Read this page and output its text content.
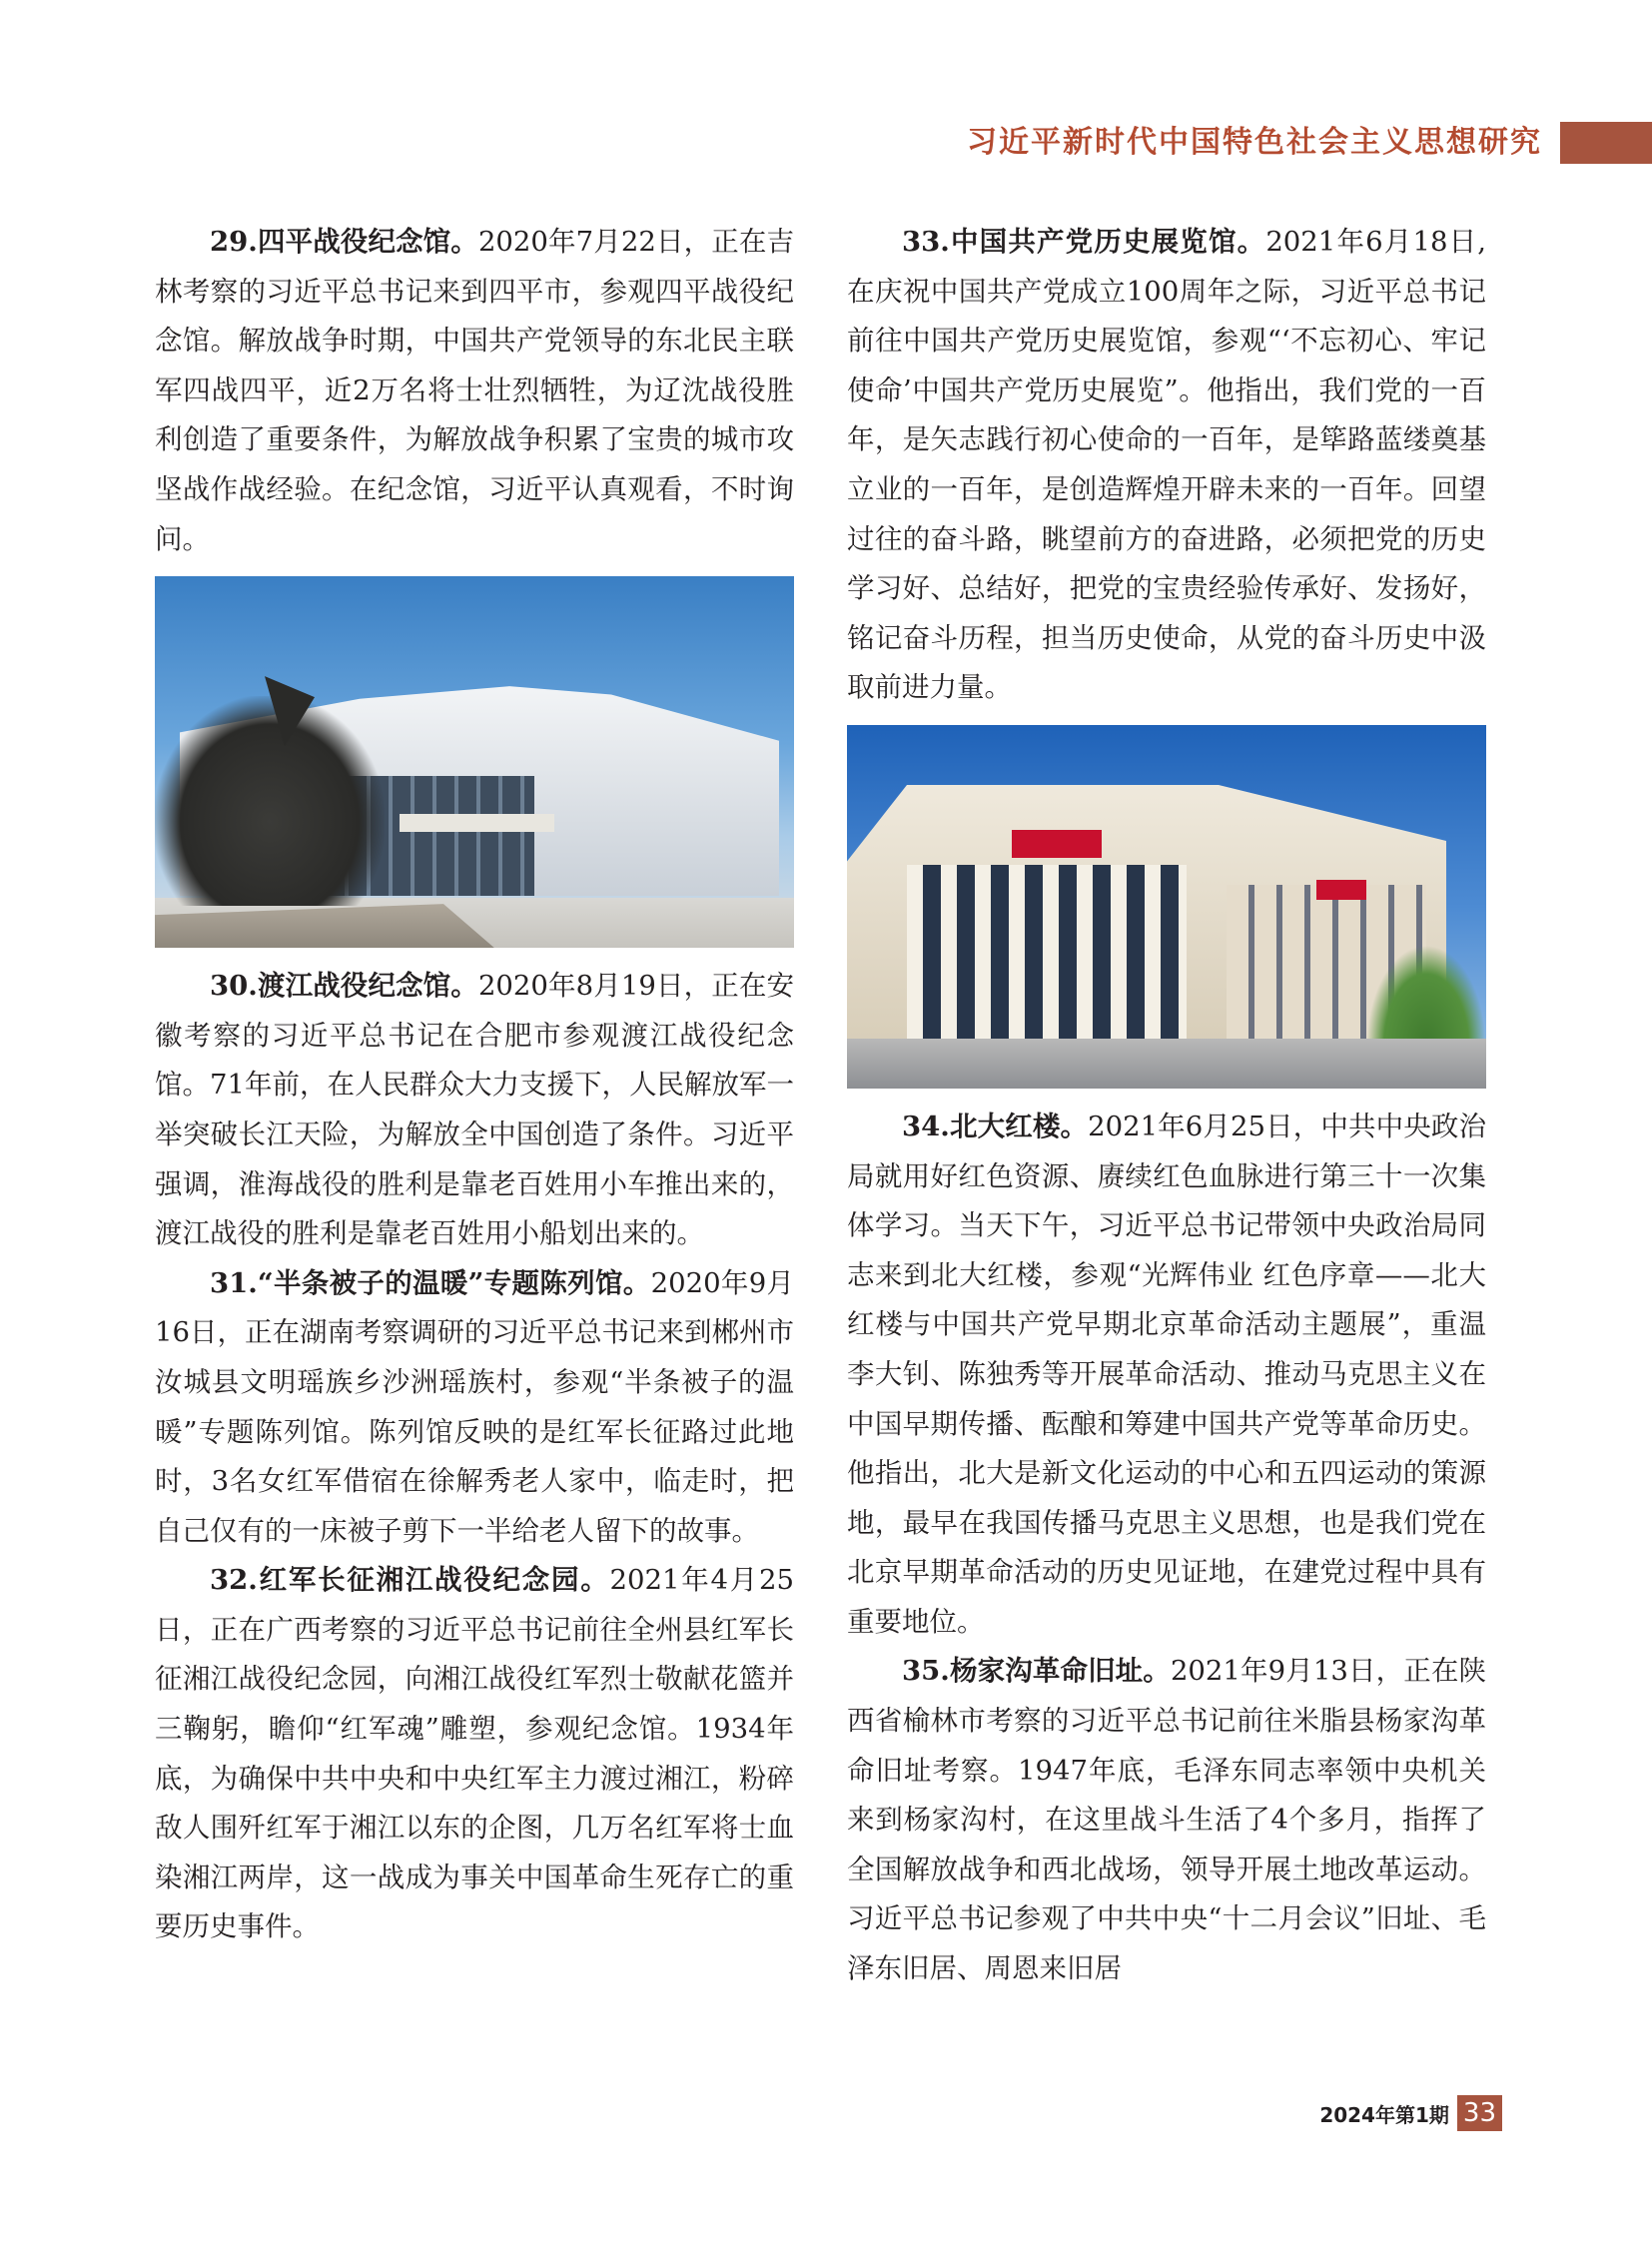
习近平新时代中国特色社会主义思想研究

29.四平战役纪念馆。2020年7月22日，正在吉林考察的习近平总书记来到四平市，参观四平战役纪念馆。解放战争时期，中国共产党领导的东北民主联军四战四平，近2万名将士壮烈牺牲，为辽沈战役胜利创造了重要条件，为解放战争积累了宝贵的城市攻坚战作战经验。在纪念馆，习近平认真观看，不时询问。

30.渡江战役纪念馆。2020年8月19日，正在安徽考察的习近平总书记在合肥市参观渡江战役纪念馆。71年前，在人民群众大力支援下，人民解放军一举突破长江天险，为解放全中国创造了条件。习近平强调，淮海战役的胜利是靠老百姓用小车推出来的，渡江战役的胜利是靠老百姓用小船划出来的。

31.“半条被子的温暖”专题陈列馆。2020年9月16日，正在湖南考察调研的习近平总书记来到郴州市汝城县文明瑶族乡沙洲瑶族村，参观“半条被子的温暖”专题陈列馆。陈列馆反映的是红军长征路过此地时，3名女红军借宿在徐解秀老人家中，临走时，把自己仅有的一床被子剪下一半给老人留下的故事。

32.红军长征湘江战役纪念园。2021年4月25日，正在广西考察的习近平总书记前往全州县红军长征湘江战役纪念园，向湘江战役红军烈士敬献花篮并三鞠躬，瞻仰“红军魂”雕塑，参观纪念馆。1934年底，为确保中共中央和中央红军主力渡过湘江，粉碎敌人围歼红军于湘江以东的企图，几万名红军将士血染湘江两岸，这一战成为事关中国革命生死存亡的重要历史事件。

33.中国共产党历史展览馆。2021年6月18日,在庆祝中国共产党成立100周年之际，习近平总书记前往中国共产党历史展览馆，参观“‘不忘初心、牢记使命’中国共产党历史展览”。他指出，我们党的一百年，是矢志践行初心使命的一百年，是筚路蓝缕奠基立业的一百年，是创造辉煌开辟未来的一百年。回望过往的奋斗路，眺望前方的奋进路，必须把党的历史学习好、总结好，把党的宝贵经验传承好、发扬好，铭记奋斗历程，担当历史使命，从党的奋斗历史中汲取前进力量。

34.北大红楼。2021年6月25日，中共中央政治局就用好红色资源、赓续红色血脉进行第三十一次集体学习。当天下午，习近平总书记带领中央政治局同志来到北大红楼，参观“光辉伟业 红色序章——北大红楼与中国共产党早期北京革命活动主题展”，重温李大钊、陈独秀等开展革命活动、推动马克思主义在中国早期传播、酝酿和筹建中国共产党等革命历史。他指出，北大是新文化运动的中心和五四运动的策源地，最早在我国传播马克思主义思想，也是我们党在北京早期革命活动的历史见证地，在建党过程中具有重要地位。

35.杨家沟革命旧址。2021年9月13日，正在陕西省榆林市考察的习近平总书记前往米脂县杨家沟革命旧址考察。1947年底，毛泽东同志率领中央机关来到杨家沟村，在这里战斗生活了4个多月，指挥了全国解放战争和西北战场，领导开展土地改革运动。习近平总书记参观了中共中央“十二月会议”旧址、毛泽东旧居、周恩来旧居

2024年第1期 33
